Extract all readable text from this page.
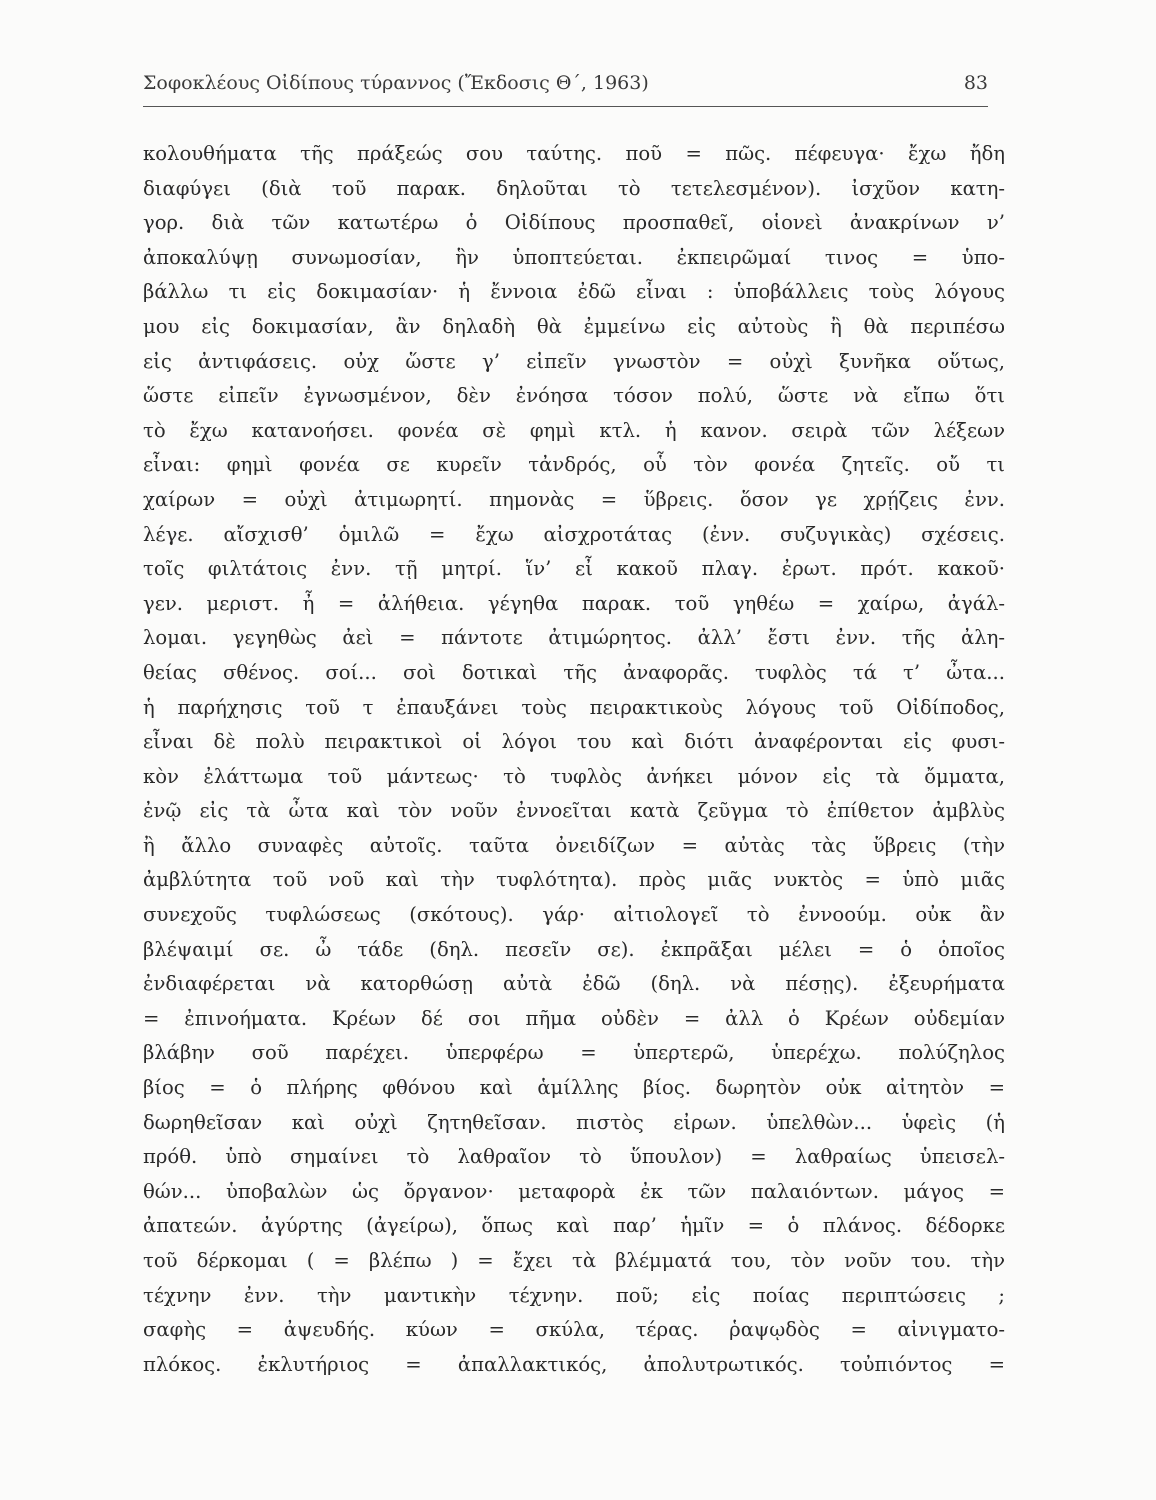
Σοφοκλέους Οἰδίπους τύραννος (Ἔκδοσις Θ΄, 1963)	83
κολουθήματα τῆς πράξεώς σου ταύτης. ποῦ = πῶς. πέφευγα· ἔχω ἤδη
διαφύγει (διὰ τοῦ παρακ. δηλοῦται τὸ τετελεσμένον). ἰσχῦον κατη-
γορ. διὰ τῶν κατωτέρω ὁ Οἰδίπους προσπαθεῖ, οἱονεὶ ἀνακρίνων ν’
ἀποκαλύψῃ συνωμοσίαν, ἣν ὑποπτεύεται. ἐκπειρῶμαί τινος = ὑπο-
βάλλω τι εἰς δοκιμασίαν· ἡ ἔννοια ἐδῶ εἶναι : ὑποβάλλεις τοὺς λόγους
μου εἰς δοκιμασίαν, ἂν δηλαδὴ θὰ ἐμμείνω εἰς αὐτοὺς ἢ θὰ περιπέσω
εἰς ἀντιφάσεις. οὐχ ὥστε γ’ εἰπεῖν γνωστὸν = οὐχὶ ξυνῆκα οὕτως,
ὥστε εἰπεῖν ἐγνωσμένον, δὲν ἐνόησα τόσον πολύ, ὥστε νὰ εἴπω ὅτι
τὸ ἔχω κατανοήσει. φονέα σὲ φημὶ κτλ. ἡ κανον. σειρὰ τῶν λέξεων
εἶναι: φημὶ φονέα σε κυρεῖν τἀνδρός, οὗ τὸν φονέα ζητεῖς. οὔ τι
χαίρων = οὐχὶ ἀτιμωρητί. πημονὰς = ὕβρεις. ὅσον γε χρῄζεις ἐνν.
λέγε. αἴσχισθ’ ὁμιλῶ = ἔχω αἰσχροτάτας (ἐνν. συζυγικὰς) σχέσεις.
τοῖς φιλτάτοις ἐνν. τῇ μητρί. ἵν’ εἶ κακοῦ πλαγ. ἐρωτ. πρότ. κακοῦ·
γεν. μεριστ. ἦ = ἀλήθεια. γέγηθα παρακ. τοῦ γηθέω = χαίρω, ἀγάλ-
λομαι. γεγηθὼς ἀεὶ = πάντοτε ἀτιμώρητος. ἀλλ’ ἔστι ἐνν. τῆς ἀλη-
θείας σθένος. σοί... σοὶ δοτικαὶ τῆς ἀναφορᾶς. τυφλὸς τά τ’ ὦτα...
ἡ παρήχησις τοῦ τ ἐπαυξάνει τοὺς πειρακτικοὺς λόγους τοῦ Οἰδίποδος,
εἶναι δὲ πολὺ πειρακτικοὶ οἱ λόγοι του καὶ διότι ἀναφέρονται εἰς φυσι-
κὸν ἐλάττωμα τοῦ μάντεως· τὸ τυφλὸς ἀνήκει μόνον εἰς τὰ ὄμματα,
ἐνῷ εἰς τὰ ὦτα καὶ τὸν νοῦν ἐννοεῖται κατὰ ζεῦγμα τὸ ἐπίθετον ἀμβλὺς
ἢ ἄλλο συναφὲς αὐτοῖς. ταῦτα ὀνειδίζων = αὐτὰς τὰς ὕβρεις (τὴν
ἀμβλύτητα τοῦ νοῦ καὶ τὴν τυφλότητα). πρὸς μιᾶς νυκτὸς = ὑπὸ μιᾶς
συνεχοῦς τυφλώσεως (σκότους). γάρ· αἰτιολογεῖ τὸ ἐννοούμ. οὐκ ἂν
βλέψαιμί σε. ὦ τάδε (δηλ. πεσεῖν σε). ἐκπρᾶξαι μέλει = ὁ ὁποῖος
ἐνδιαφέρεται νὰ κατορθώσῃ αὐτὰ ἐδῶ (δηλ. νὰ πέσῃς). ἐξευρήματα
= ἐπινοήματα. Κρέων δέ σοι πῆμα οὐδὲν = ἀλλ ὁ Κρέων οὐδεμίαν
βλάβην σοῦ παρέχει. ὑπερφέρω = ὑπερτερῶ, ὑπερέχω. πολύζηλος
βίος = ὁ πλήρης φθόνου καὶ ἁμίλλης βίος. δωρητὸν οὐκ αἰτητὸν =
δωρηθεῖσαν καὶ οὐχὶ ζητηθεῖσαν. πιστὸς εἰρων. ὑπελθὼν... ὑφεὶς (ἡ
πρόθ. ὑπὸ σημαίνει τὸ λαθραῖον τὸ ὕπουλον) = λαθραίως ὑπεισελ-
θών... ὑποβαλὼν ὡς ὄργανον· μεταφορὰ ἐκ τῶν παλαιόντων. μάγος =
ἀπατεών. ἀγύρτης (ἀγείρω), ὅπως καὶ παρ’ ἡμῖν = ὁ πλάνος. δέδορκε
τοῦ δέρκομαι ( = βλέπω ) = ἔχει τὰ βλέμματά του, τὸν νοῦν του. τὴν
τέχνην ἐνν. τὴν μαντικὴν τέχνην. ποῦ; εἰς ποίας περιπτώσεις ;
σαφὴς = ἀψευδής. κύων = σκύλα, τέρας. ῥαψῳδὸς = αἰνιγματο-
πλόκος. ἐκλυτήριος = ἀπαλλακτικός, ἀπολυτρωτικός. τοὐπιόντος =
